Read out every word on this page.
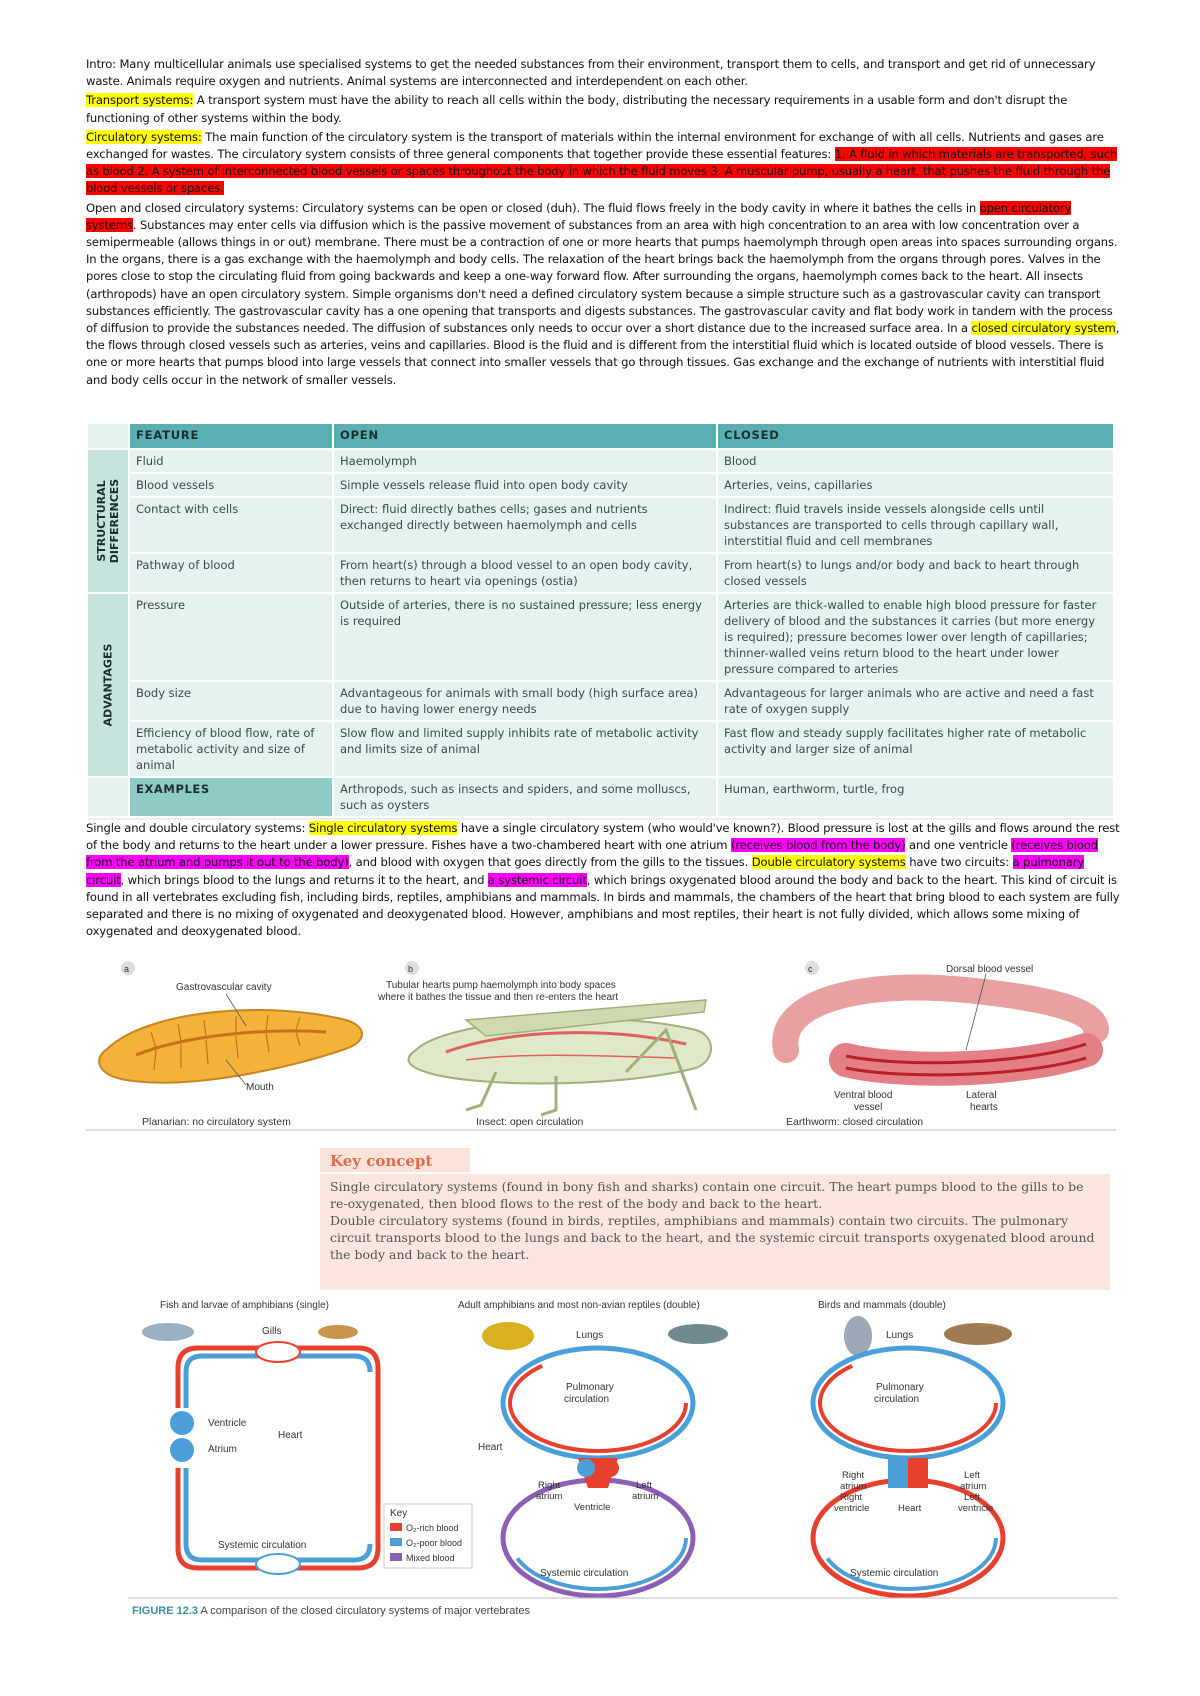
Intro: Many multicellular animals use specialised systems to get the needed substances from their environment, transport them to cells, and transport and get rid of unnecessary waste. Animals require oxygen and nutrients. Animal systems are interconnected and interdependent on each other.

Transport systems: A transport system must have the ability to reach all cells within the body, distributing the necessary requirements in a usable form and don't disrupt the functioning of other systems within the body.

Circulatory systems: The main function of the circulatory system is the transport of materials within the internal environment for exchange of with all cells. Nutrients and gases are exchanged for wastes. The circulatory system consists of three general components that together provide these essential features: 1. A fluid in which materials are transported, such as blood 2. A system of interconnected blood vessels or spaces throughout the body in which the fluid moves 3. A muscular pump, usually a heart, that pushes the fluid through the blood vessels or spaces.

Open and closed circulatory systems: Circulatory systems can be open or closed (duh). The fluid flows freely in the body cavity in where it bathes the cells in open circulatory systems. Substances may enter cells via diffusion which is the passive movement of substances from an area with high concentration to an area with low concentration over a semipermeable (allows things in or out) membrane. There must be a contraction of one or more hearts that pumps haemolymph through open areas into spaces surrounding organs. In the organs, there is a gas exchange with the haemolymph and body cells. The relaxation of the heart brings back the haemolymph from the organs through pores. Valves in the pores close to stop the circulating fluid from going backwards and keep a one-way forward flow. After surrounding the organs, haemolymph comes back to the heart. All insects (arthropods) have an open circulatory system. Simple organisms don't need a defined circulatory system because a simple structure such as a gastrovascular cavity can transport substances efficiently. The gastrovascular cavity has a one opening that transports and digests substances. The gastrovascular cavity and flat body work in tandem with the process of diffusion to provide the substances needed. The diffusion of substances only needs to occur over a short distance due to the increased surface area. In a closed circulatory system, the flows through closed vessels such as arteries, veins and capillaries. Blood is the fluid and is different from the interstitial fluid which is located outside of blood vessels. There is one or more hearts that pumps blood into large vessels that connect into smaller vessels that go through tissues. Gas exchange and the exchange of nutrients with interstitial fluid and body cells occur in the network of smaller vessels.

	FEATURE	OPEN	CLOSED

STRUCTURAL
DIFFERENCES	Fluid	Haemolymph	Blood
	Blood vessels	Simple vessels release fluid into open body cavity	Arteries, veins, capillaries
	Contact with cells	Direct: fluid directly bathes cells; gases and nutrients exchanged directly between haemolymph and cells	Indirect: fluid travels inside vessels alongside cells until substances are transported to cells through capillary wall, interstitial fluid and cell membranes
	Pathway of blood	From heart(s) through a blood vessel to an open body cavity, then returns to heart via openings (ostia)	From heart(s) to lungs and/or body and back to heart through closed vessels

ADVANTAGES	Pressure	Outside of arteries, there is no sustained pressure; less energy is required	Arteries are thick-walled to enable high blood pressure for faster delivery of blood and the substances it carries (but more energy is required); pressure becomes lower over length of capillaries; thinner-walled veins return blood to the heart under lower pressure compared to arteries
	Body size	Advantageous for animals with small body (high surface area) due to having lower energy needs	Advantageous for larger animals who are active and need a fast rate of oxygen supply
	Efficiency of blood flow, rate of metabolic activity and size of animal	Slow flow and limited supply inhibits rate of metabolic activity and limits size of animal	Fast flow and steady supply facilitates higher rate of metabolic activity and larger size of animal
	EXAMPLES	Arthropods, such as insects and spiders, and some molluscs, such as oysters	Human, earthworm, turtle, frog

Single and double circulatory systems: Single circulatory systems have a single circulatory system (who would've known?). Blood pressure is lost at the gills and flows around the rest of the body and returns to the heart under a lower pressure. Fishes have a two-chambered heart with one atrium (receives blood from the body) and one ventricle (receives blood from the atrium and pumps it out to the body), and blood with oxygen that goes directly from the gills to the tissues. Double circulatory systems have two circuits: a pulmonary circuit, which brings blood to the lungs and returns it to the heart, and a systemic circuit, which brings oxygenated blood around the body and back to the heart. This kind of circuit is found in all vertebrates excluding fish, including birds, reptiles, amphibians and mammals. In birds and mammals, the chambers of the heart that bring blood to each system are fully separated and there is no mixing of oxygenated and deoxygenated blood. However, amphibians and most reptiles, their heart is not fully divided, which allows some mixing of oxygenated and deoxygenated blood.

a	b	c
Gastrovascular cavity
Mouth
Planarian: no circulatory system
Tubular hearts pump haemolymph into body spaces
where it bathes the tissue and then re-enters the heart
Insect: open circulation
Dorsal blood vessel
Ventral blood
vessel
Lateral
hearts
Earthworm: closed circulation
Key concept
Single circulatory systems (found in bony fish and sharks) contain one circuit. The heart pumps blood to the gills to be re-oxygenated, then blood flows to the rest of the body and back to the heart.
Double circulatory systems (found in birds, reptiles, amphibians and mammals) contain two circuits. The pulmonary circuit transports blood to the lungs and back to the heart, and the systemic circuit transports oxygenated blood around the body and back to the heart.
Fish and larvae of amphibians (single)	Adult amphibians and most non-avian reptiles (double)	Birds and mammals (double)
Gills
Ventricle
Atrium
Heart
Systemic circulation
Lungs
Pulmonary
circulation
Heart
Right
atrium
Left
atrium
Ventricle
Systemic circulation
Key
O₂-rich blood
O₂-poor blood
Mixed blood
Lungs
Pulmonary
circulation
Right
atrium
Left
atrium
Right
ventricle
Left
ventricle
Heart
Systemic circulation
FIGURE 12.3 A comparison of the closed circulatory systems of major vertebrates
